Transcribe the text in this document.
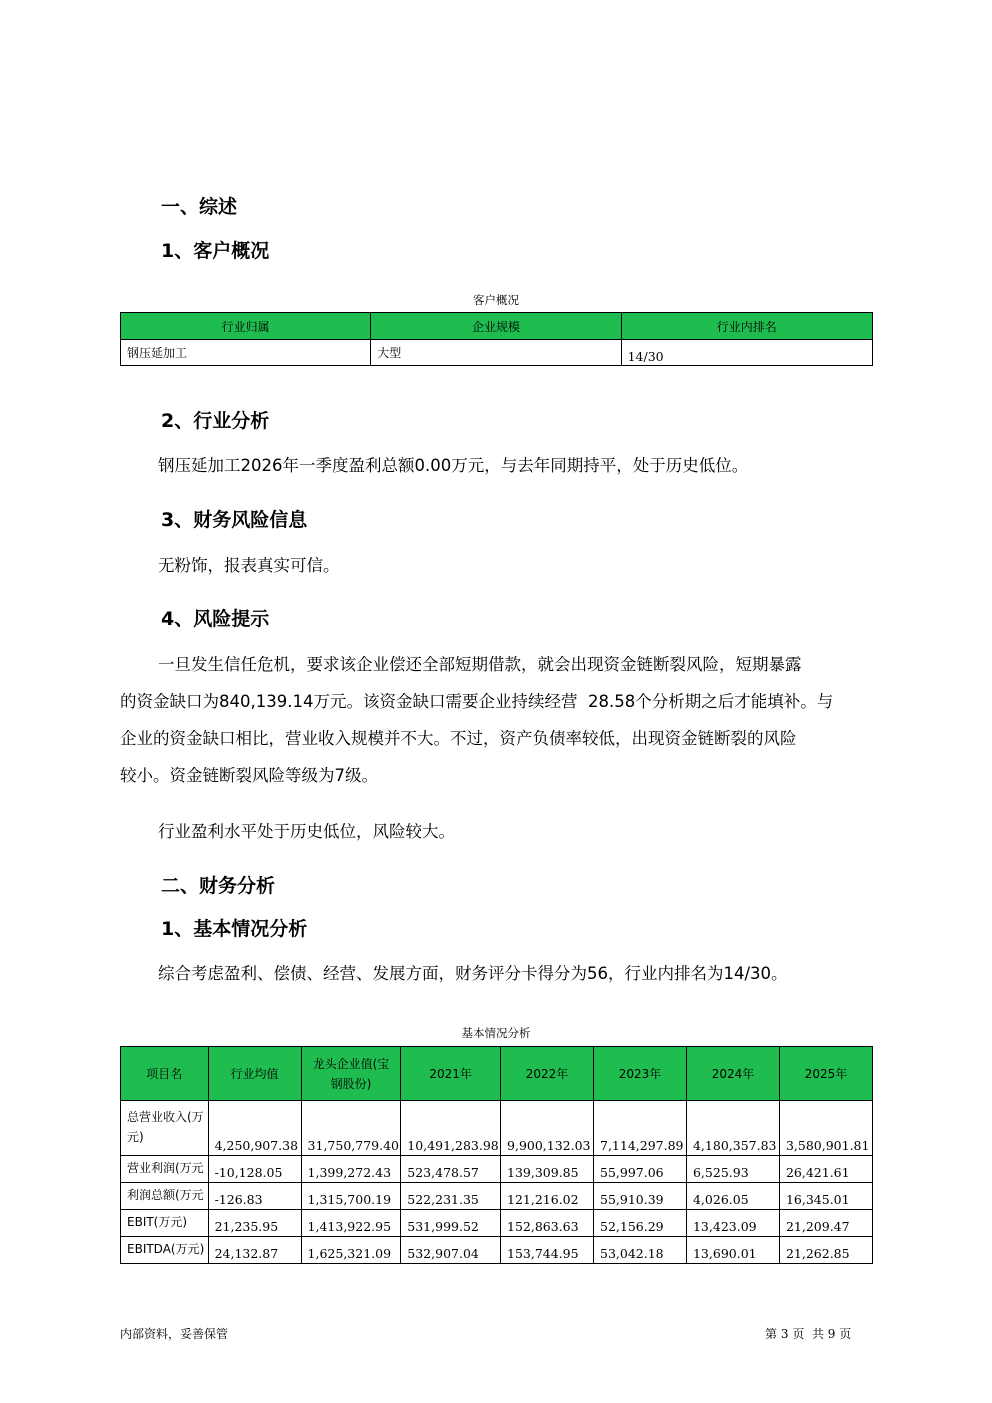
一、综述
1、客户概况
客户概况
行业归属	企业规模	行业内排名
钢压延加工	大型	14/30
2、行业分析
钢压延加工2026年一季度盈利总额0.00万元，与去年同期持平，处于历史低位。
3、财务风险信息
无粉饰，报表真实可信。
4、风险提示
一旦发生信任危机，要求该企业偿还全部短期借款，就会出现资金链断裂风险，短期暴露
的资金缺口为840,139.14万元。该资金缺口需要企业持续经营  28.58个分析期之后才能填补。与
企业的资金缺口相比，营业收入规模并不大。不过，资产负债率较低，出现资金链断裂的风险
较小。资金链断裂风险等级为7级。
行业盈利水平处于历史低位，风险较大。
二、财务分析
1、基本情况分析
综合考虑盈利、偿债、经营、发展方面，财务评分卡得分为56，行业内排名为14/30。
基本情况分析
项目名	行业均值	龙头企业值(宝钢股份)	2021年	2022年	2023年	2024年	2025年
总营业收入(万元)	4,250,907.38	31,750,779.40	10,491,283.98	9,900,132.03	7,114,297.89	4,180,357.83	3,580,901.81
营业利润(万元	-10,128.05	1,399,272.43	523,478.57	139,309.85	55,997.06	6,525.93	26,421.61
利润总额(万元	-126.83	1,315,700.19	522,231.35	121,216.02	55,910.39	4,026.05	16,345.01
EBIT(万元)	21,235.95	1,413,922.95	531,999.52	152,863.63	52,156.29	13,423.09	21,209.47
EBITDA(万元)	24,132.87	1,625,321.09	532,907.04	153,744.95	53,042.18	13,690.01	21,262.85
内部资料，妥善保管	第 3 页  共 9 页
